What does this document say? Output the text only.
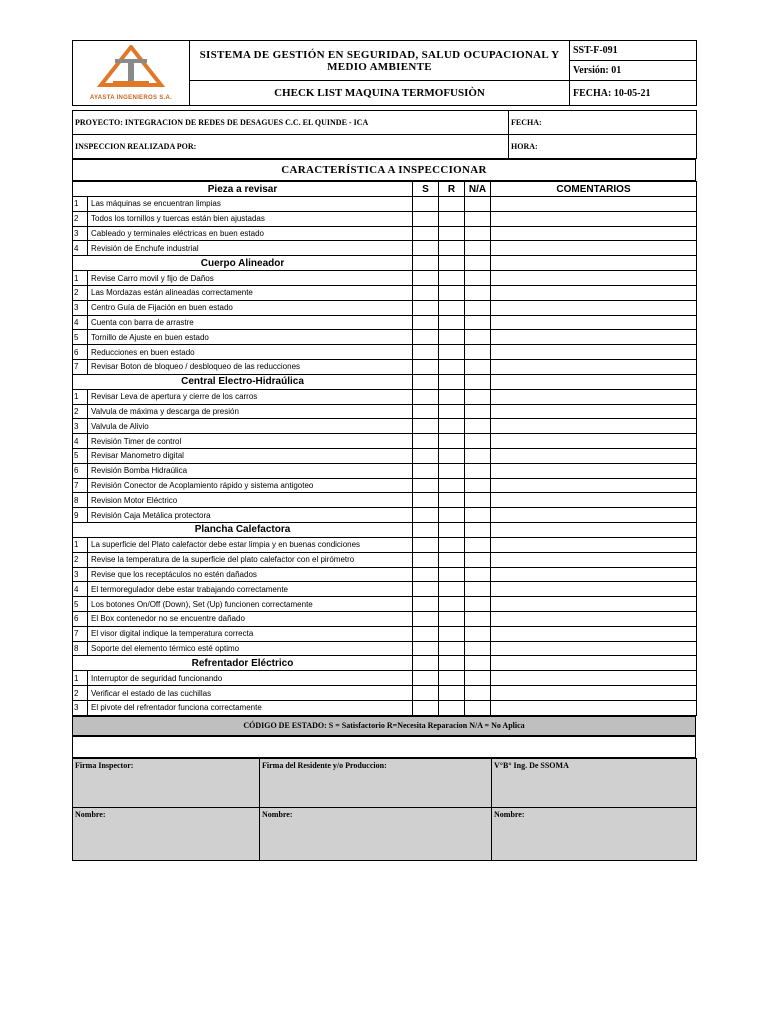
AYASTA INGENIEROS S.A.	SISTEMA DE GESTIÓN EN SEGURIDAD, SALUD OCUPACIONAL Y MEDIO AMBIENTE	SST-F-091
		Versión: 01
	CHECK LIST MAQUINA TERMOFUSIÒN	FECHA: 10-05-21
PROYECTO: INTEGRACION DE REDES DE DESAGUES C.C. EL QUINDE - ICA	FECHA:
INSPECCION REALIZADA POR:	HORA:
CARACTERÍSTICA A INSPECCIONAR
Pieza a revisar		S	R	N/A	COMENTARIOS
1	Las máquinas se encuentran limpias				
2	Todos los tornillos y tuercas están bien ajustadas				
3	Cableado y terminales eléctricas en buen estado				
4	Revisión de Enchufe industrial				
Cuerpo Alineador					
1	Revise Carro movil y fijo de Daños				
2	Las Mordazas están alineadas correctamente				
3	Centro Guía de Fijación en buen estado				
4	Cuenta con barra de arrastre				
5	Tornillo de Ajuste en buen estado				
6	Reducciones en buen estado				
7	Revisar Boton de bloqueo / desbloqueo de las reducciones				
Central Electro-Hidraúlica					
1	Revisar Leva de apertura y cierre de los carros				
2	Valvula de máxima y descarga de presión				
3	Valvula de Alivio				
4	Revisión Timer de control				
5	Revisar Manometro digital				
6	Revisión Bomba Hidraúlica				
7	Revisión Conector de Acoplamiento rápido y sistema antigoteo				
8	Revision Motor Eléctrico				
9	Revisión Caja Metálica protectora				
Plancha Calefactora					
1	La superficie del Plato calefactor debe estar limpia y en buenas condiciones				
2	Revise la temperatura de la superficie del plato calefactor con el pirómetro				
3	Revise que los receptáculos no estén dañados				
4	El termoregulador debe estar trabajando correctamente				
5	Los botones On/Off (Down), Set (Up) funcionen correctamente				
6	El Box contenedor no se encuentre dañado				
7	El visor digital indique la temperatura correcta				
8	Soporte del elemento térmico esté optimo				
Refrentador Eléctrico					
1	Interruptor de seguridad funcionando				
2	Verificar el estado de las cuchillas				
3	El pivote del refrentador funciona correctamente				
CÓDIGO DE ESTADO: S = Satisfactorio R=Necesita Reparacion N/A = No Aplica
Firma Inspector:	Firma del Residente y/o Produccion:	V°B° Ing. De SSOMA
Nombre:	Nombre:	Nombre:
